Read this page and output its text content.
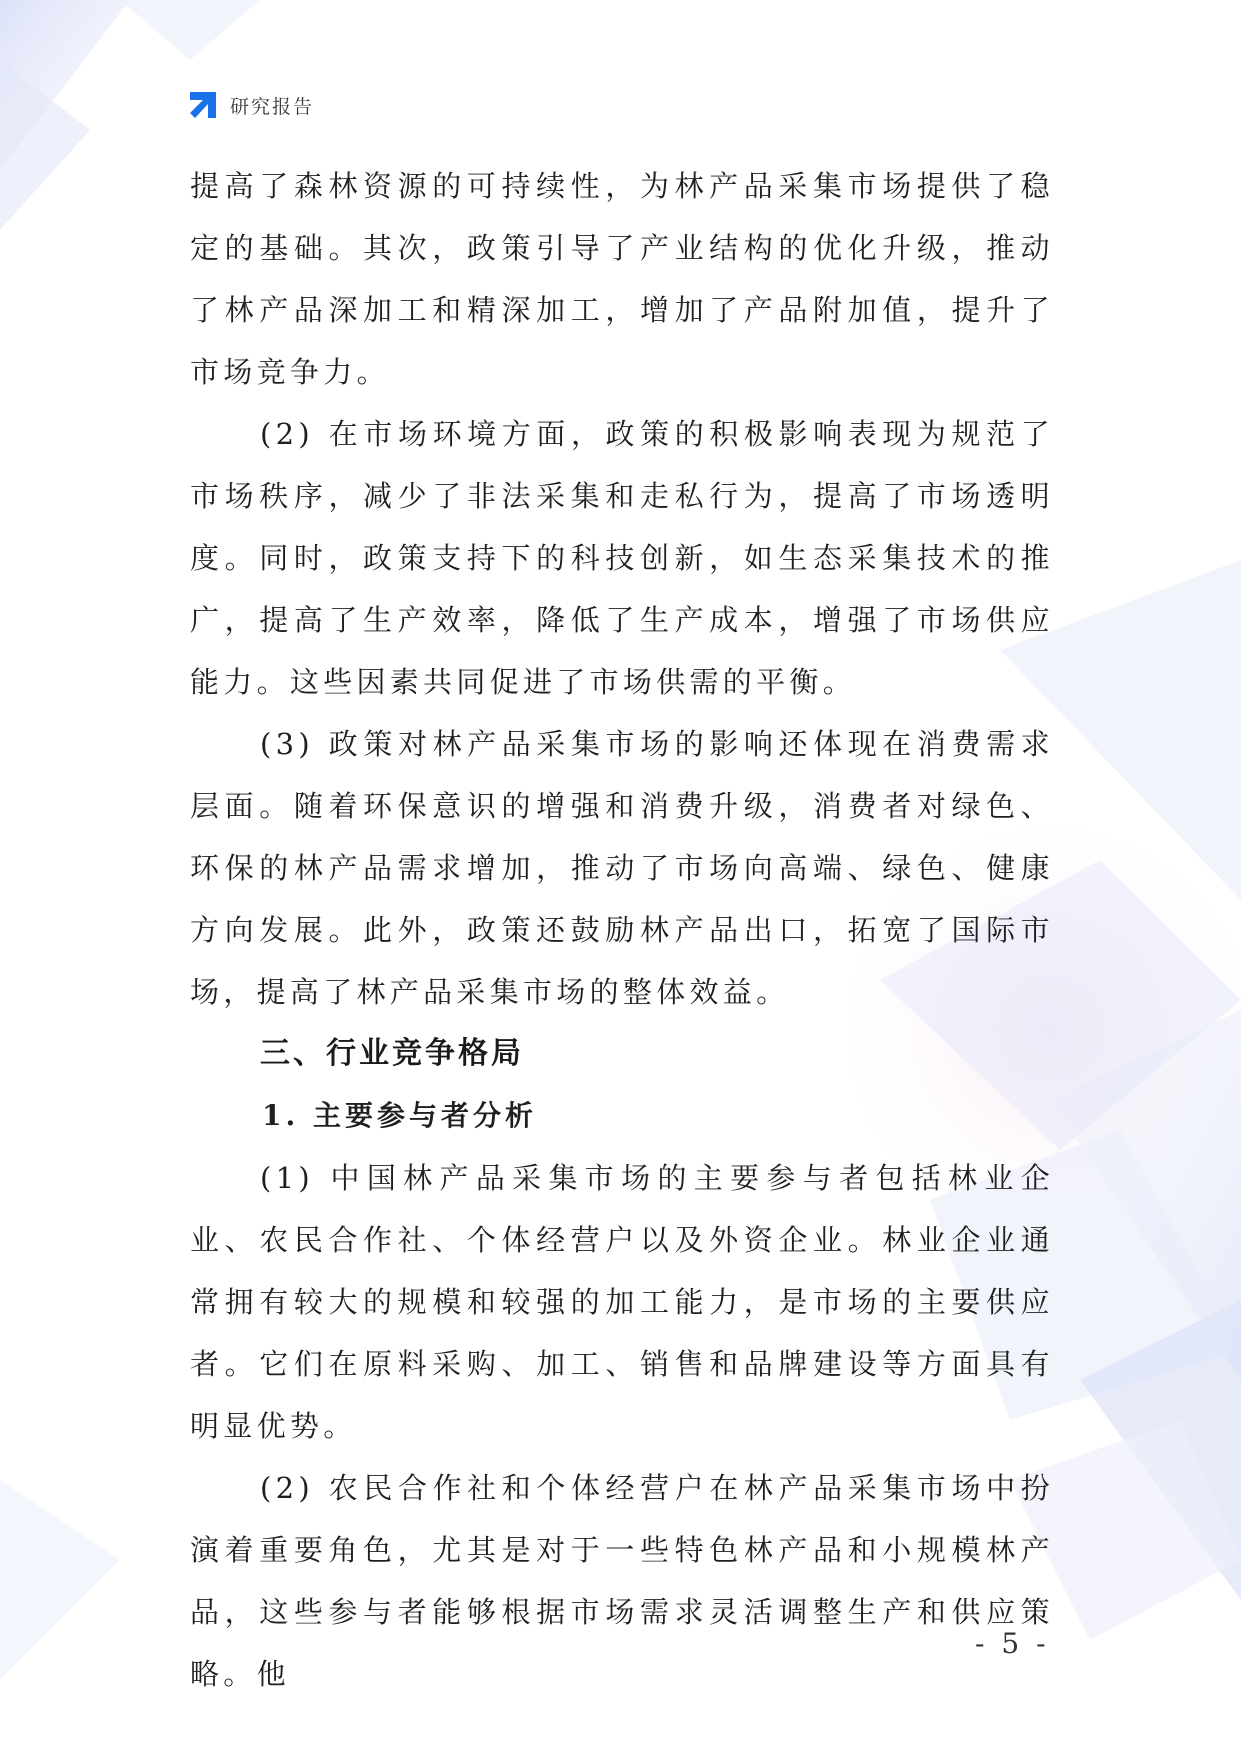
研究报告

提高了森林资源的可持续性，为林产品采集市场提供了稳定的基础。其次，政策引导了产业结构的优化升级，推动了林产品深加工和精深加工，增加了产品附加值，提升了市场竞争力。

(2) 在市场环境方面，政策的积极影响表现为规范了市场秩序，减少了非法采集和走私行为，提高了市场透明度。同时，政策支持下的科技创新，如生态采集技术的推广，提高了生产效率，降低了生产成本，增强了市场供应能力。这些因素共同促进了市场供需的平衡。

(3) 政策对林产品采集市场的影响还体现在消费需求层面。随着环保意识的增强和消费升级，消费者对绿色、环保的林产品需求增加，推动了市场向高端、绿色、健康方向发展。此外，政策还鼓励林产品出口，拓宽了国际市场，提高了林产品采集市场的整体效益。

三、行业竞争格局
1. 主要参与者分析

(1) 中国林产品采集市场的主要参与者包括林业企业、农民合作社、个体经营户以及外资企业。林业企业通常拥有较大的规模和较强的加工能力，是市场的主要供应者。它们在原料采购、加工、销售和品牌建设等方面具有明显优势。

(2) 农民合作社和个体经营户在林产品采集市场中扮演着重要角色，尤其是对于一些特色林产品和小规模林产品，这些参与者能够根据市场需求灵活调整生产和供应策略。他

- 5 -
